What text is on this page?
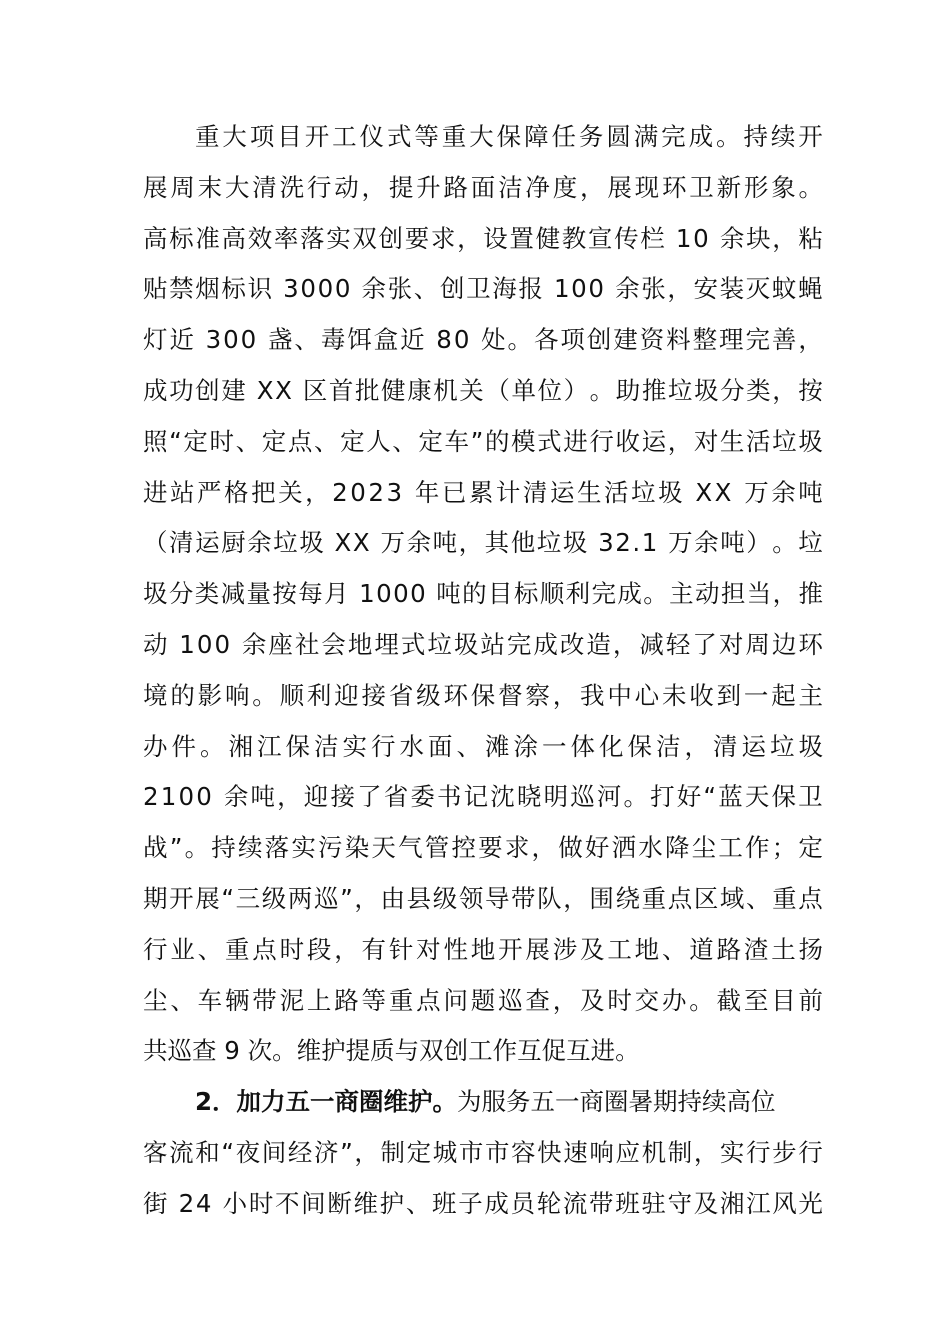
重 大 项 目 开 工 仪 式 等 重 大 保 障 任 务 圆 满 完 成 。 持 续 开
展 周 末 大 清 洗 行 动 ， 提 升 路 面 洁 净 度 ， 展 现 环 卫 新 形 象 。
高 标 准 高 效 率 落 实 双 创 要 求 ， 设 置 健 教 宣 传 栏
1 0
余 块 ， 粘
贴 禁 烟 标 识
3 0 0 0
余 张 、 创 卫 海 报
1 0 0
余 张 ， 安 装 灭 蚊 蝇
灯 近
3 0 0
盏 、 毒 饵 盒 近
8 0
处 。 各 项 创 建 资 料 整 理 完 善 ，
成 功 创 建
X X
区 首 批 健 康 机 关 （ 单 位 ） 。 助 推 垃 圾 分 类 ， 按
照 “ 定 时 、 定 点 、 定 人 、 定 车 ” 的 模 式 进 行 收 运 ， 对 生 活 垃 圾
进 站 严 格 把 关 ， 2 0 2 3
年 已 累 计 清 运 生 活 垃 圾
X X
万 余 吨
（ 清 运 厨 余 垃 圾
X X
万 余 吨 ， 其 他 垃 圾
3 2 . 1
万 余 吨 ） 。 垃
圾 分 类 减 量 按 每 月
1 0 0 0
吨 的 目 标 顺 利 完 成 。 主 动 担 当 ， 推
动
1 0 0
余 座 社 会 地 埋 式 垃 圾 站 完 成 改 造 ， 减 轻 了 对 周 边 环
境 的 影 响 。 顺 利 迎 接 省 级 环 保 督 察 ， 我 中 心 未 收 到 一 起 主
办 件 。 湘 江 保 洁 实 行 水 面 、 滩 涂 一 体 化 保 洁 ， 清 运 垃 圾
2 1 0 0
余 吨 ， 迎 接 了 省 委 书 记 沈 晓 明 巡 河 。 打 好 “ 蓝 天 保 卫
战 ” 。 持 续 落 实 污 染 天 气 管 控 要 求 ， 做 好 洒 水 降 尘 工 作 ； 定
期 开 展 “ 三 级 两 巡 ” ， 由 县 级 领 导 带 队 ， 围 绕 重 点 区 域 、 重 点
行 业 、 重 点 时 段 ， 有 针 对 性 地 开 展 涉 及 工 地 、 道 路 渣 土 扬
尘 、 车 辆 带 泥 上 路 等 重 点 问 题 巡 查 ， 及 时 交 办 。 截 至 目 前
共巡查 9 次。维护提质与双创工作互促互进。
2．加力五一商圈维护。 为服务五一商圈暑期持续高位
客 流 和 “ 夜 间 经 济 ” ， 制 定 城 市 市 容 快 速 响 应 机 制 ， 实 行 步 行
街
2 4
小 时 不 间 断 维 护 、 班 子 成 员 轮 流 带 班 驻 守 及 湘 江 风 光
